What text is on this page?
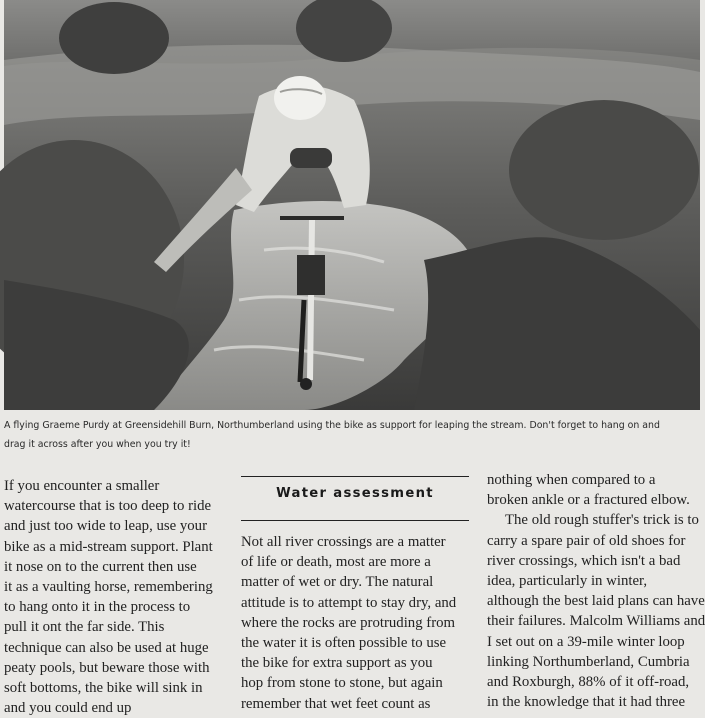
A flying Graeme Purdy at Greensidehill Burn, Northumberland using the bike as support for leaping the stream. Don't forget to hang on and
drag it across after you when you try it!
If you encounter a smaller
watercourse that is too deep to ride
and just too wide to leap, use your
bike as a mid-stream support. Plant
it nose on to the current then use
it as a vaulting horse, remembering
to hang onto it in the process to
pull it ont the far side. This
technique can also be used at huge
peaty pools, but beware those with
soft bottoms, the bike will sink in
and you could end up
Water assessment
Not all river crossings are a matter
of life or death, most are more a
matter of wet or dry. The natural
attitude is to attempt to stay dry, and
where the rocks are protruding from
the water it is often possible to use
the bike for extra support as you
hop from stone to stone, but again
remember that wet feet count as
nothing when compared to a
broken ankle or a fractured elbow.
The old rough stuffer's trick is to
carry a spare pair of old shoes for
river crossings, which isn't a bad
idea, particularly in winter,
although the best laid plans can have
their failures. Malcolm Williams and
I set out on a 39-mile winter loop
linking Northumberland, Cumbria
and Roxburgh, 88% of it off-road,
in the knowledge that it had three
